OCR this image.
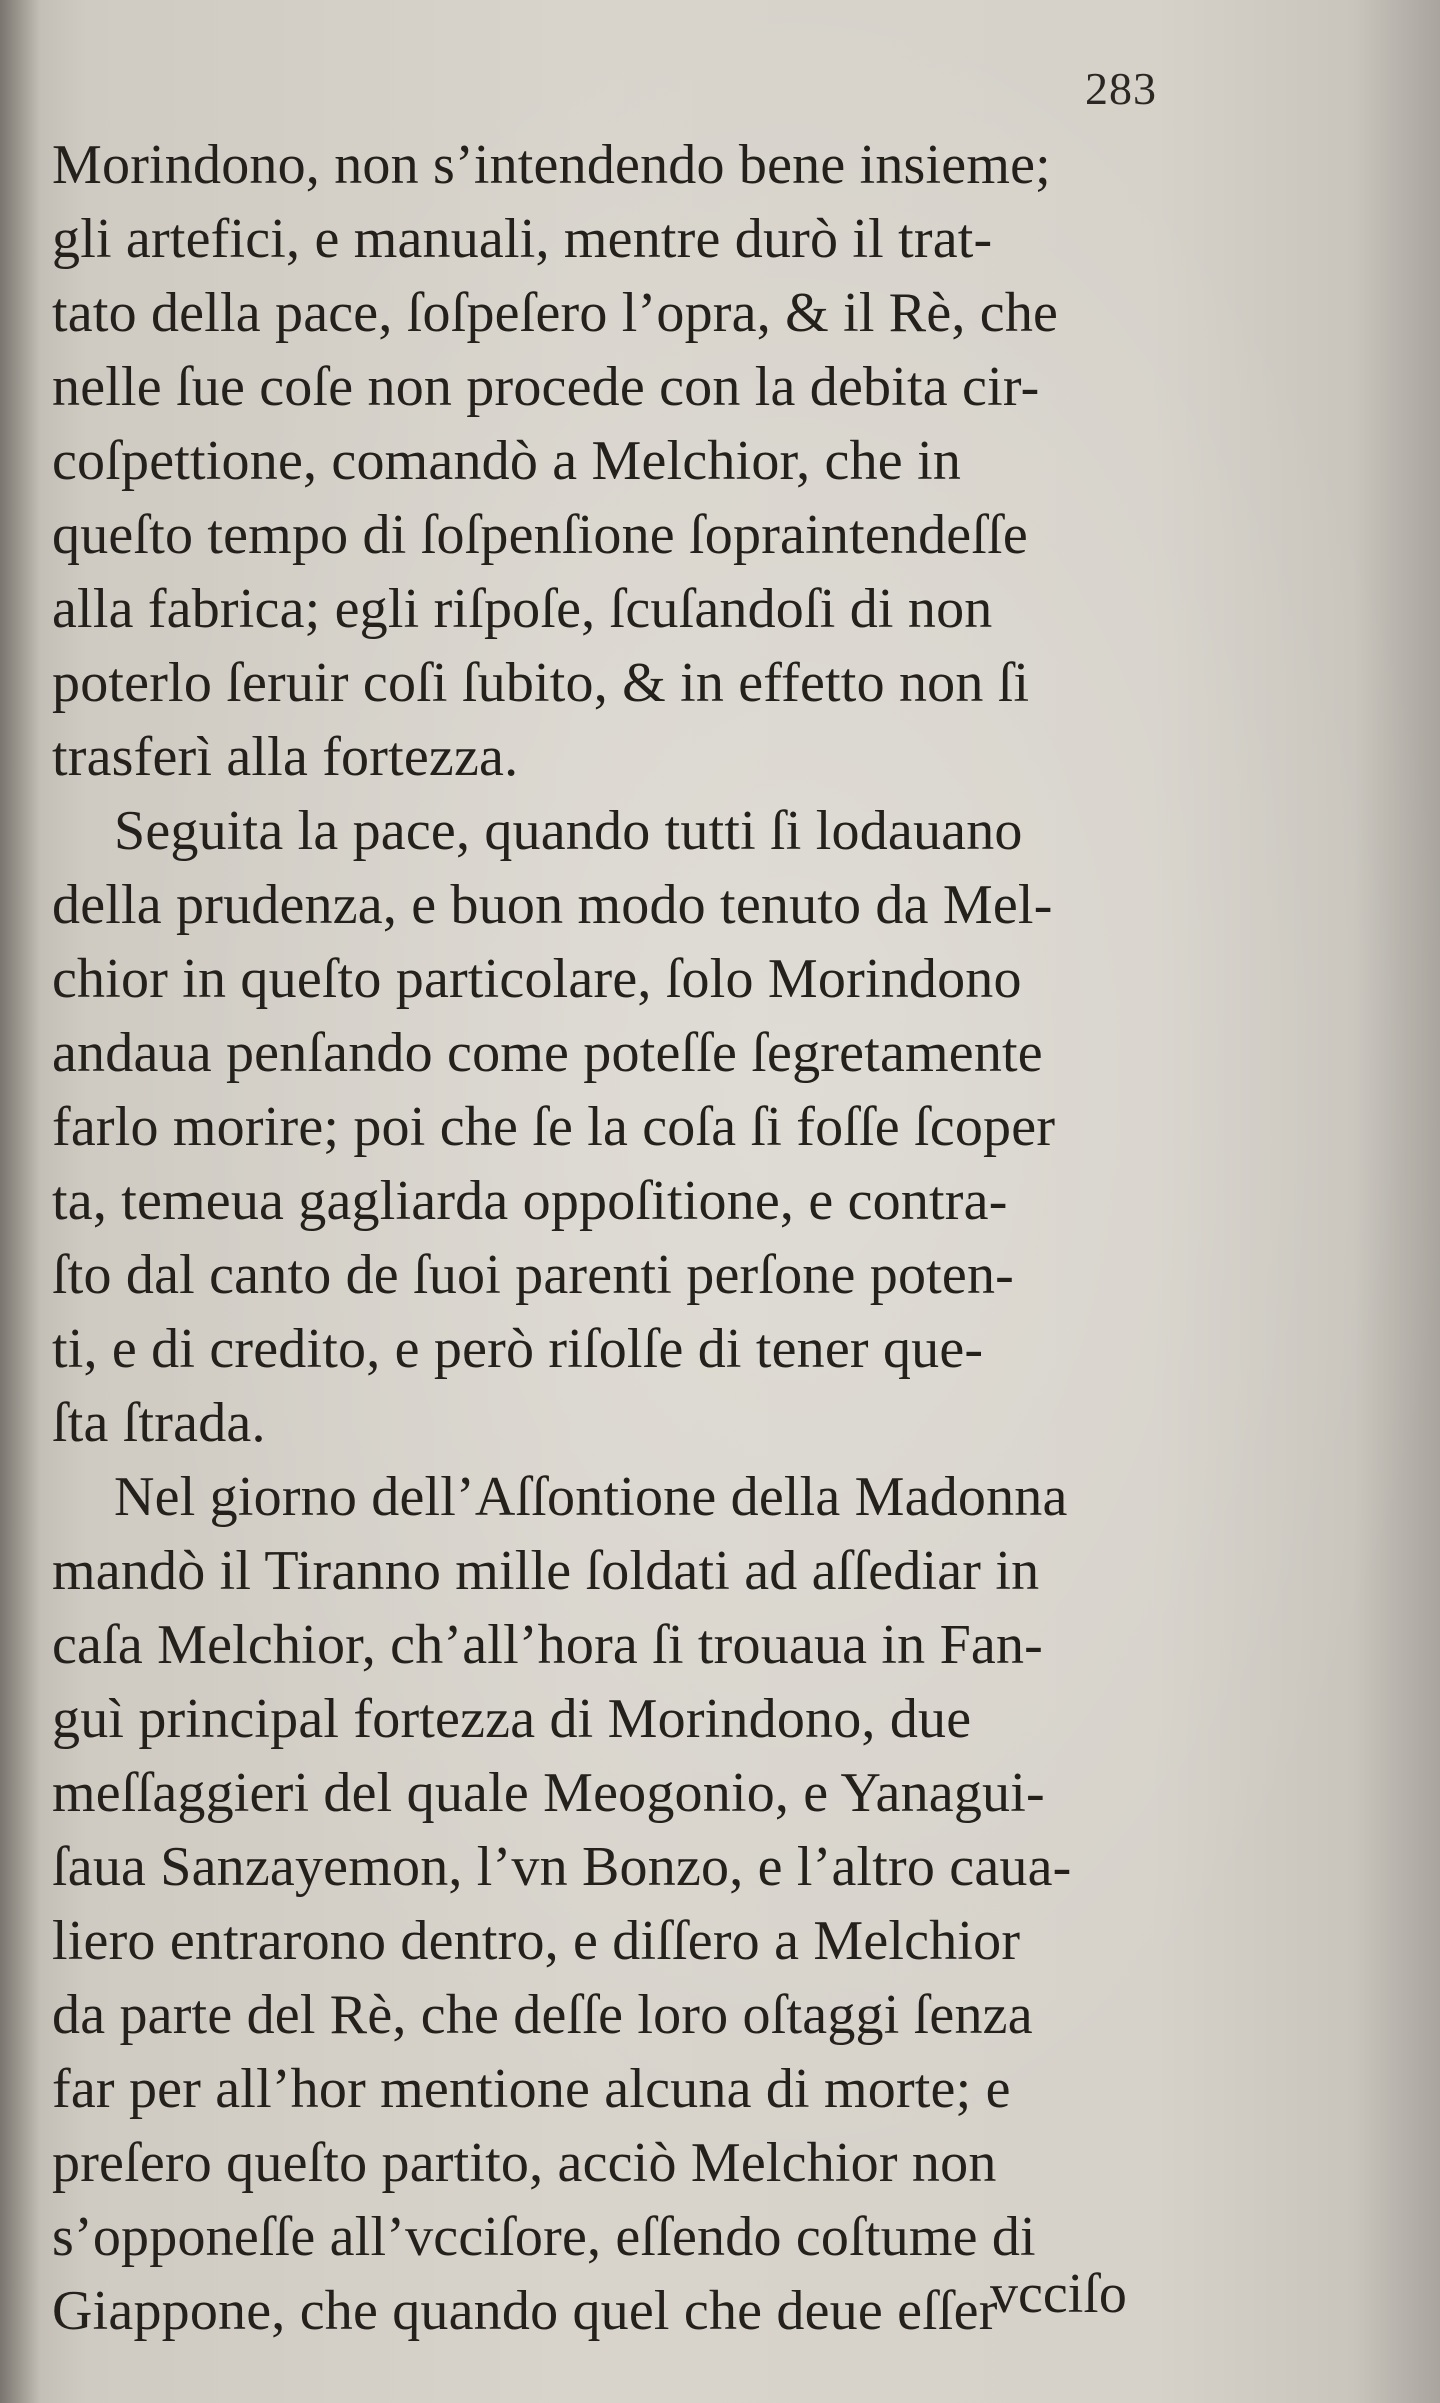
283
Morindono, non s’intendendo bene insieme;
gli artefici, e manuali, mentre durò il trat-
tato della pace, ſoſpeſero l’opra, & il Rè, che
nelle ſue coſe non procede con la debita cir-
coſpettione, comandò a Melchior, che in
queſto tempo di ſoſpenſione ſopraintendeſſe
alla fabrica; egli riſpoſe, ſcuſandoſi di non
poterlo ſeruir coſi ſubito, & in effetto non ſi
trasferì alla fortezza.
Seguita la pace, quando tutti ſi lodauano
della prudenza, e buon modo tenuto da Mel-
chior in queſto particolare, ſolo Morindono
andaua penſando come poteſſe ſegretamente
farlo morire; poi che ſe la coſa ſi foſſe ſcoper
ta, temeua gagliarda oppoſitione, e contra-
ſto dal canto de ſuoi parenti perſone poten-
ti, e di credito, e però riſolſe di tener que-
ſta ſtrada.
Nel giorno dell’Aſſontione della Madonna
mandò il Tiranno mille ſoldati ad aſſediar in
caſa Melchior, ch’all’hora ſi trouaua in Fan-
guì principal fortezza di Morindono, due
meſſaggieri del quale Meogonio, e Yanagui-
ſaua Sanzayemon, l’vn Bonzo, e l’altro caua-
liero entrarono dentro, e diſſero a Melchior
da parte del Rè, che deſſe loro oſtaggi ſenza
far per all’hor mentione alcuna di morte; e
preſero queſto partito, acciò Melchior non
s’opponeſſe all’vcciſore, eſſendo coſtume di
Giappone, che quando quel che deue eſſer
vcciſo
